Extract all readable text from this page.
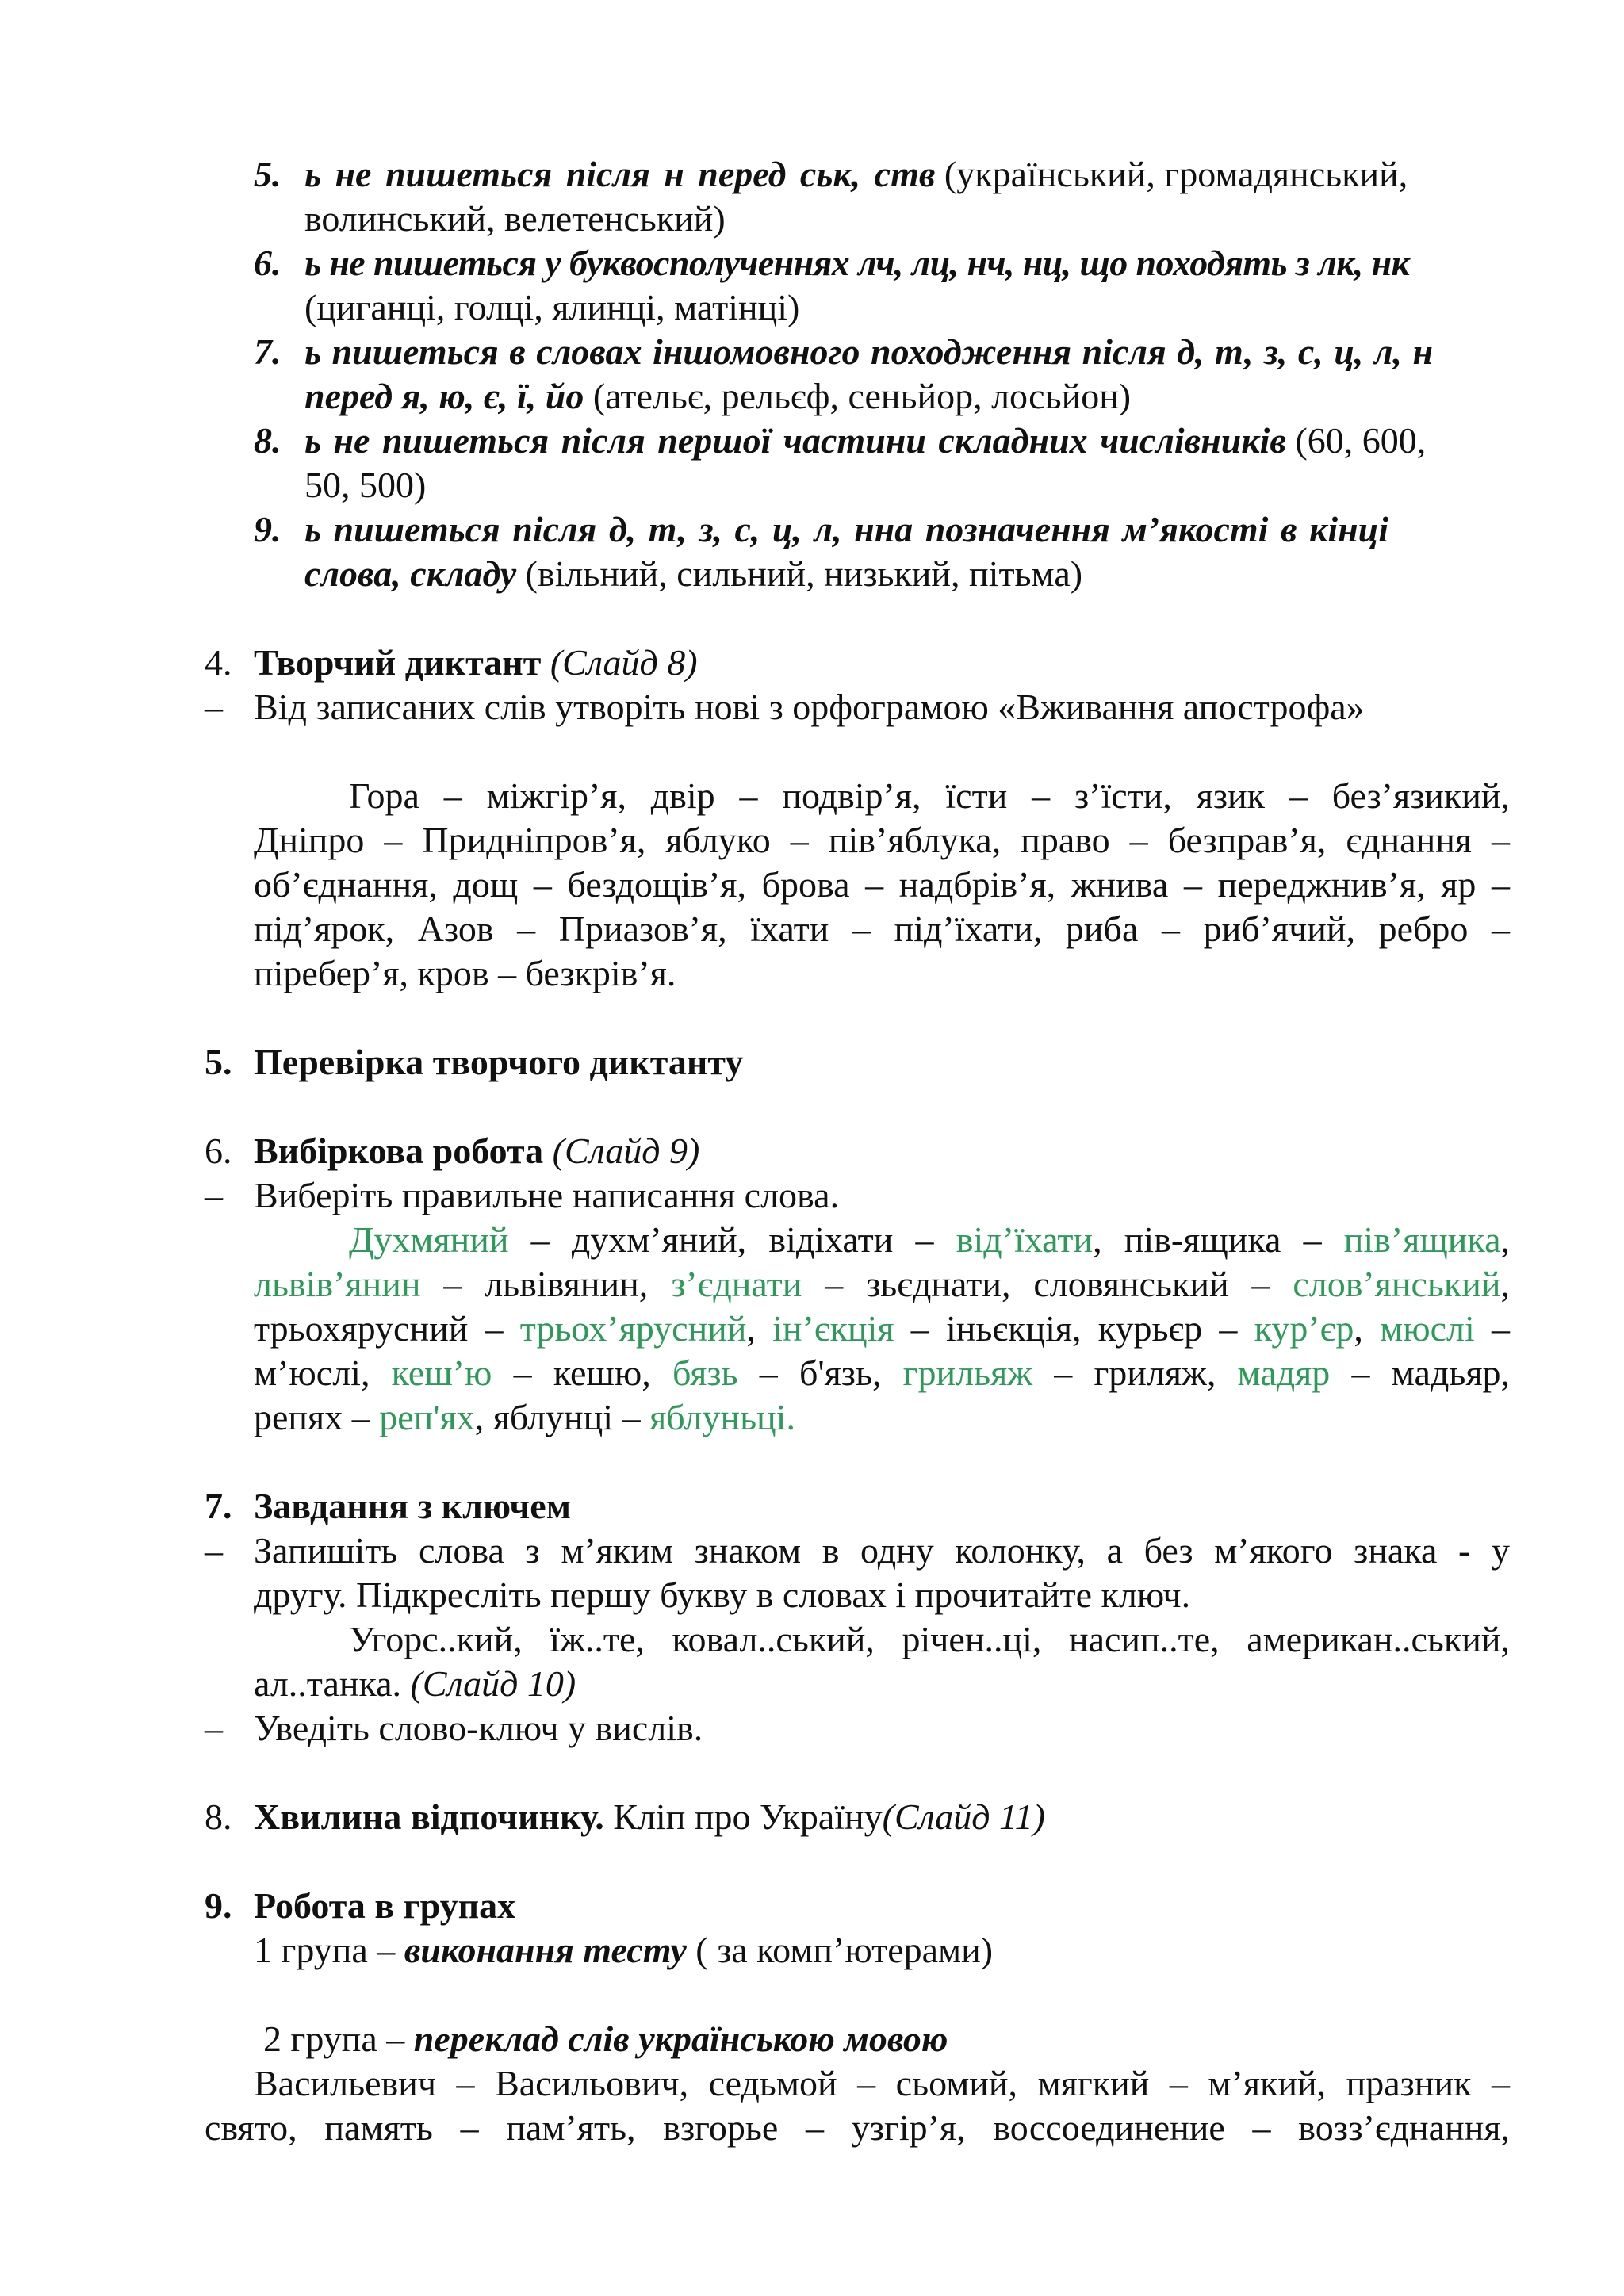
5. ь не пишеться після н перед ськ, ств (український, громадянський,
волинський, велетенський)
6. ь не пишеться у буквосполученнях лч, лц, нч, нц, що походять з лк, нк
(циганці, голці, ялинці, матінці)
7. ь пишеться в словах іншомовного походження після д, т, з, с, ц, л, н
перед я, ю, є, ї, йо (ательє, рельєф, сеньйор, лосьйон)
8. ь не пишеться після першої частини складних числівників (60, 600,
50, 500)
9. ь пишеться після д, т, з, с, ц, л, нна позначення м’якості в кінці
слова, складу (вільний, сильний, низький, пітьма)
4. Творчий диктант (Слайд 8)
– Від записаних слів утворіть нові з орфограмою «Вживання апострофа»
Гора – міжгір’я, двір – подвір’я, їсти – з’їсти, язик – без’язикий,
Дніпро – Придніпров’я, яблуко – пів’яблука, право – безправ’я, єднання –
об’єднання, дощ – бездощів’я, брова – надбрів’я, жнива – переджнив’я, яр –
під’ярок, Азов – Приазов’я, їхати – під’їхати, риба – риб’ячий, ребро –
пірeбер’я, кров – безкрів’я.
5. Перевірка творчого диктанту
6. Вибіркова робота (Слайд 9)
– Виберіть правильне написання слова.
Духмяний – духм’яний, відіхати – від’їхати, пів-ящика – пів’ящика,
львів’янин – львівянин, з’єднати – зьєднати, словянський – слов’янський,
трьохярусний – трьох’ярусний, ін’єкція – іньєкція, курьєр – кур’єр, мюслі –
м’юслі, кеш’ю – кешю, бязь – б'язь, грильяж – гриляж, мадяр – мадьяр,
репях – реп'ях, яблунці – яблуньці.
7. Завдання з ключем
– Запишіть слова з м’яким знаком в одну колонку, а без м’якого знака - у
другу. Підкресліть першу букву в словах і прочитайте ключ.
Угорс..кий, їж..те, ковал..ський, річен..ці, насип..те, американ..ський,
ал..танка. (Слайд 10)
– Уведіть слово-ключ у вислів.
8. Хвилина відпочинку. Кліп про Україну(Слайд 11)
9. Робота в групах
1 група – виконання тесту ( за комп’ютерами)
2 група – переклад слів українською мовою
Васильевич – Васильович, седьмой – сьомий, мягкий – м’який, празник –
свято, память – пам’ять, взгорье – узгір’я, воссоединение – возз’єднання,
